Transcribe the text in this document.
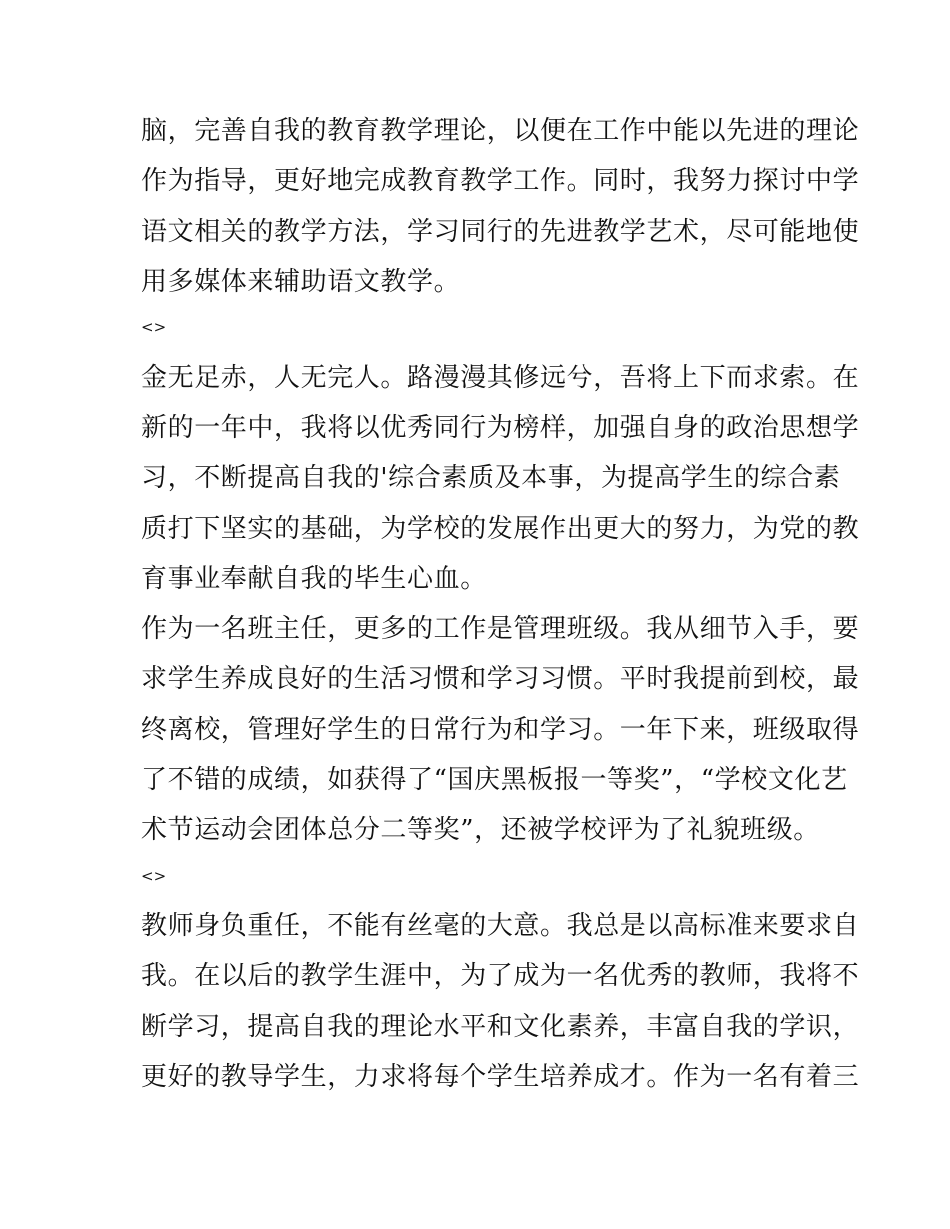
脑，完善自我的教育教学理论，以便在工作中能以先进的理论
作为指导，更好地完成教育教学工作。同时，我努力探讨中学
语文相关的教学方法，学习同行的先进教学艺术，尽可能地使
用多媒体来辅助语文教学。
<>
金无足赤，人无完人。路漫漫其修远兮，吾将上下而求索。在
新的一年中，我将以优秀同行为榜样，加强自身的政治思想学
习，不断提高自我的'综合素质及本事，为提高学生的综合素
质打下坚实的基础，为学校的发展作出更大的努力，为党的教
育事业奉献自我的毕生心血。
作为一名班主任，更多的工作是管理班级。我从细节入手，要
求学生养成良好的生活习惯和学习习惯。平时我提前到校，最
终离校，管理好学生的日常行为和学习。一年下来，班级取得
了不错的成绩，如获得了“国庆黑板报一等奖”，“学校文化艺
术节运动会团体总分二等奖”，还被学校评为了礼貌班级。
<>
教师身负重任，不能有丝毫的大意。我总是以高标准来要求自
我。在以后的教学生涯中，为了成为一名优秀的教师，我将不
断学习，提高自我的理论水平和文化素养，丰富自我的学识，
更好的教导学生，力求将每个学生培养成才。作为一名有着三
